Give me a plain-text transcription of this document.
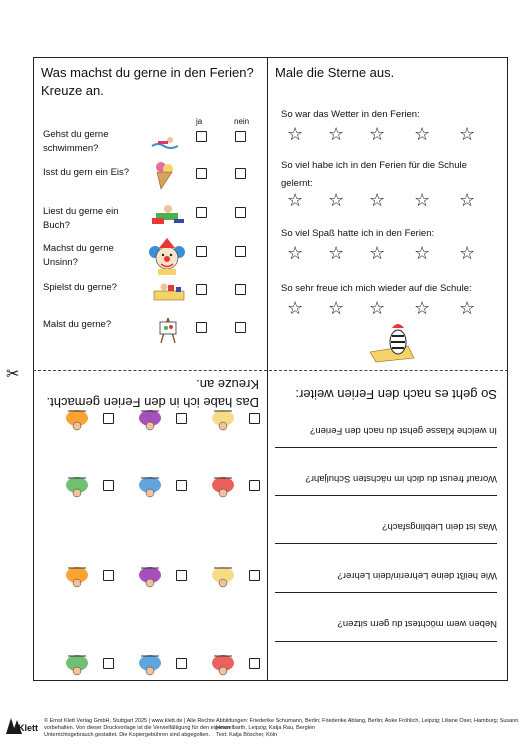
✂
Was machst du gerne in den Ferien?
Kreuze an.
ja	nein
Gehst du gerne
schwimmen?
Isst du gern ein Eis?
Liest du gerne ein
Buch?
Machst du gerne
Unsinn?
Spielst du gerne?
Malst du gerne?
Male die Sterne aus.
So war das Wetter in den Ferien:
☆ ☆ ☆ ☆ ☆
So viel habe ich in den Ferien für die Schule
gelernt:
☆ ☆ ☆ ☆ ☆
So viel Spaß hatte ich in den Ferien:
☆ ☆ ☆ ☆ ☆
So sehr freue ich mich wieder auf die Schule:
☆ ☆ ☆ ☆ ☆
Das habe ich in den Ferien gemacht.
Kreuze an.
So geht es nach den Ferien weiter:
In welche Klasse gehst du nach den Ferien?
Worauf freust du dich im nächsten Schuljahr?
Was ist dein Lieblingsfach?
Wie heißt deine Lehrerin/dein Lehrer?
Neben wem möchtest du gern sitzen?
Klett
© Ernst Klett Verlag GmbH, Stuttgart 2025 | www.klett.de | Alle Rechte
vorbehalten. Von dieser Druckvorlage ist die Vervielfältigung für den eigenen
Unterrichtsgebrauch gestattet. Die Kopiergebühren sind abgegolten.
Abbildungen: Friederike Schumann, Berlin; Friederike Ablang, Berlin; Anke Fröhlich, Leipzig; Liliane Oser, Hamburg; Susann
Hesselbarth, Leipzig; Katja Rau, Berglen
Text: Katja Böscher, Köln
